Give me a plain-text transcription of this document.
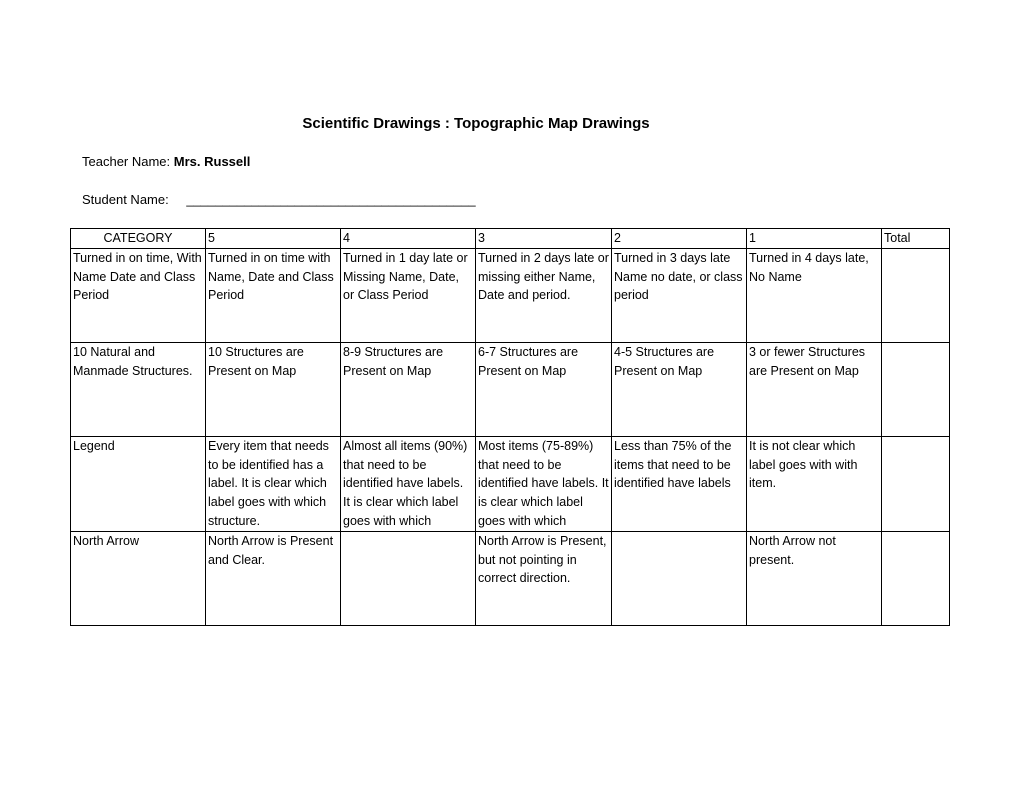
Scientific Drawings : Topographic Map Drawings
Teacher Name: Mrs. Russell
Student Name: ________________________________________
CATEGORY	5	4	3	2	1	Total
Turned in on time, With Name Date and Class Period	Turned in on time with Name, Date and Class Period	Turned in 1 day late or Missing Name, Date, or Class Period	Turned in 2 days late or missing either Name, Date and period.	Turned in 3 days late Name no date, or class period	Turned in 4 days late, No Name	
10 Natural and Manmade Structures.	10 Structures are Present on Map	8-9 Structures are Present on Map	6-7 Structures are Present on Map	4-5 Structures are Present on Map	3 or fewer Structures are Present on Map	
Legend	Every item that needs to be identified has a label. It is clear which label goes with which structure.	Almost all items (90%) that need to be identified have labels. It is clear which label goes with which	Most items (75-89%) that need to be identified have labels. It is clear which label goes with which	Less than 75% of the items that need to be identified have labels	It is not clear which label goes with with item.	
North Arrow	North Arrow is Present and Clear.		North Arrow is Present, but not pointing in correct direction.		North Arrow not present.	
